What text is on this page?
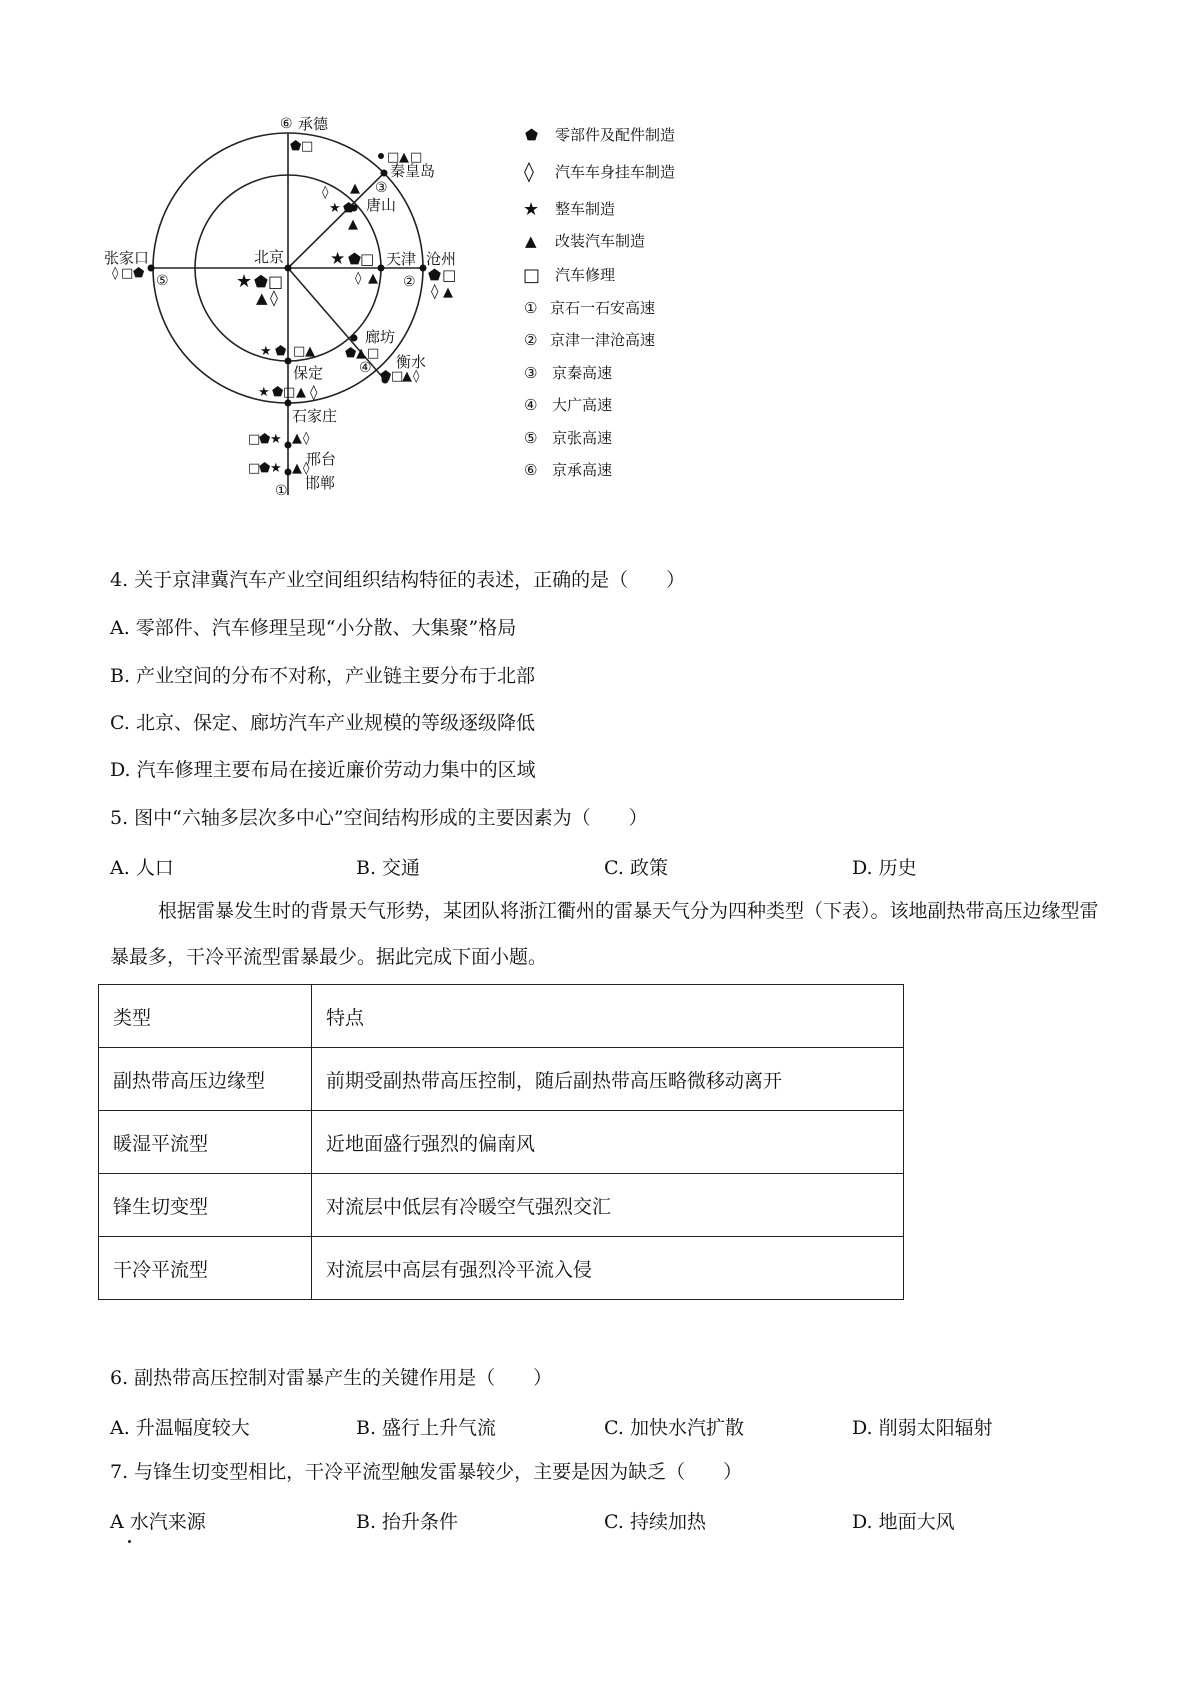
承德
秦皇岛
唐山
张家口	北京	天津 沧州
廊坊
衡水
保定
石家庄
邢台
邯郸
⑥
③
⑤	②
④
①
⬟ □
□ ▲ □
◊ ▲
★ ⬟
▲
◊ □ ⬟	★ ⬟ □
▲ ◊
★ ⬟
□
◊ ▲	⬟ □
◊ ▲
⬟ ▲ □
⬟ □
▲ ◊
★ ⬟ □ ▲
★ ⬟ □ ▲ ◊
□
⬟ ★ ▲ ◊
□
⬟ ★ ▲ ◊
⬟ 零部件及配件制造
◊ 汽车车身挂车制造
★ 整车制造
▲ 改装汽车制造
□ 汽车修理
① 京石一石安高速
② 京津一津沧高速
③ 京秦高速
④ 大广高速
⑤ 京张高速
⑥ 京承高速
4. 关于京津冀汽车产业空间组织结构特征的表述，正确的是（　　）
A. 零部件、汽车修理呈现“小分散、大集聚”格局
B. 产业空间的分布不对称，产业链主要分布于北部
C. 北京、保定、廊坊汽车产业规模的等级逐级降低
D. 汽车修理主要布局在接近廉价劳动力集中的区域
5. 图中“六轴多层次多中心”空间结构形成的主要因素为（　　）
A. 人口	B. 交通	C. 政策	D. 历史
根据雷暴发生时的背景天气形势，某团队将浙江衢州的雷暴天气分为四种类型（下表）。该地副热带高压边缘型雷暴最多，干冷平流型雷暴最少。据此完成下面小题。
类型	特点
副热带高压边缘型	前期受副热带高压控制，随后副热带高压略微移动离开
暖湿平流型	近地面盛行强烈的偏南风
锋生切变型	对流层中低层有冷暖空气强烈交汇
干冷平流型	对流层中高层有强烈冷平流入侵
6. 副热带高压控制对雷暴产生的关键作用是（　　）
A. 升温幅度较大	B. 盛行上升气流	C. 加快水汽扩散	D. 削弱太阳辐射
7. 与锋生切变型相比，干冷平流型触发雷暴较少，主要是因为缺乏（　　）
A 水汽来源	B. 抬升条件	C. 持续加热	D. 地面大风
